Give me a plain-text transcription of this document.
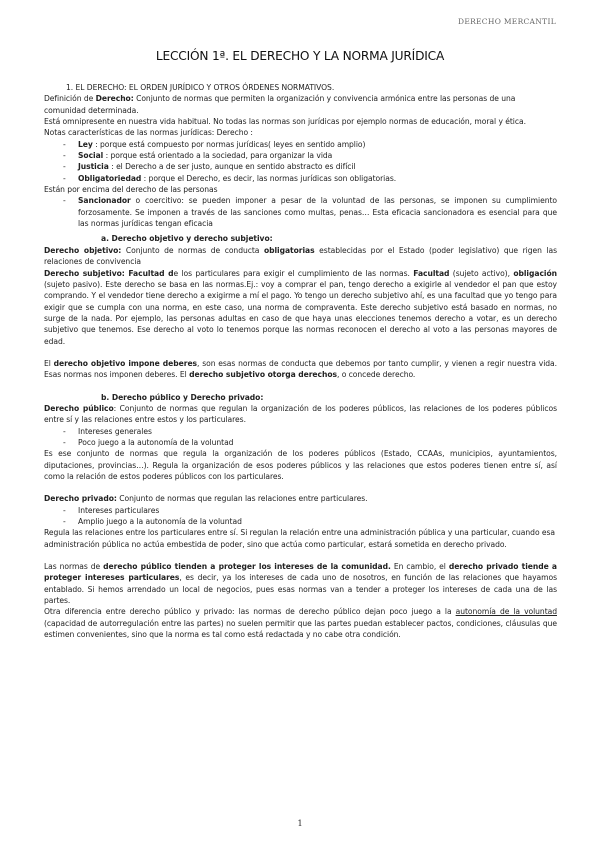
DERECHO MERCANTIL
LECCIÓN 1ª. EL DERECHO Y LA NORMA JURÍDICA
1. EL DERECHO: EL ORDEN JURÍDICO Y OTROS ÓRDENES NORMATIVOS.

Definición de Derecho: Conjunto de normas que permiten la organización y convivencia armónica entre las personas de una comunidad determinada.

Está omnipresente en nuestra vida habitual. No todas las normas son jurídicas por ejemplo normas de educación, moral y ética.

Notas características de las normas jurídicas: Derecho :

- Ley : porque está compuesto por normas jurídicas( leyes en sentido amplio)
- Social : porque está orientado a la sociedad, para organizar la vida
- Justicia : el Derecho a de ser justo, aunque en sentido abstracto es difícil
- Obligatoriedad : porque el Derecho, es decir, las normas jurídicas son obligatorias.

Están por encima del derecho de las personas

- Sancionador o coercitivo: se pueden imponer a pesar de la voluntad de las personas, se imponen su cumplimiento forzosamente. Se imponen a través de las sanciones como multas, penas… Esta eficacia sancionadora es esencial para que las normas jurídicas tengan eficacia

a. Derecho objetivo y derecho subjetivo:

Derecho objetivo: Conjunto de normas de conducta obligatorias establecidas por el Estado (poder legislativo) que rigen las relaciones de convivencia

Derecho subjetivo: Facultad de los particulares para exigir el cumplimiento de las normas. Facultad (sujeto activo), obligación (sujeto pasivo). Este derecho se basa en las normas.Ej.: voy a comprar el pan, tengo derecho a exigirle al vendedor el pan que estoy comprando. Y el vendedor tiene derecho a exigirme a mí el pago. Yo tengo un derecho subjetivo ahí, es una facultad que yo tengo para exigir que se cumpla con una norma, en este caso, una norma de compraventa. Este derecho subjetivo está basado en normas, no surge de la nada. Por ejemplo, las personas adultas en caso de que haya unas elecciones tenemos derecho a votar, es un derecho subjetivo que tenemos. Ese derecho al voto lo tenemos porque las normas reconocen el derecho al voto a las personas mayores de edad.

El derecho objetivo impone deberes, son esas normas de conducta que debemos por tanto cumplir, y vienen a regir nuestra vida. Esas normas nos imponen deberes. El derecho subjetivo otorga derechos, o concede derecho.

b. Derecho público y Derecho privado:

Derecho público: Conjunto de normas que regulan la organización de los poderes públicos, las relaciones de los poderes públicos entre sí y las relaciones entre estos y los particulares.

- Intereses generales
- Poco juego a la autonomía de la voluntad

Es ese conjunto de normas que regula la organización de los poderes públicos (Estado, CCAAs, municipios, ayuntamientos, diputaciones, provincias…). Regula la organización de esos poderes públicos y las relaciones que estos poderes tienen entre sí, así como la relación de estos poderes públicos con los particulares.

Derecho privado: Conjunto de normas que regulan las relaciones entre particulares.

- Intereses particulares
- Amplio juego a la autonomía de la voluntad

Regula las relaciones entre los particulares entre sí. Si regulan la relación entre una administración pública y una particular, cuando esa administración pública no actúa embestida de poder, sino que actúa como particular, estará sometida en derecho privado.

Las normas de derecho público tienden a proteger los intereses de la comunidad. En cambio, el derecho privado tiende a proteger intereses particulares, es decir, ya los intereses de cada uno de nosotros, en función de las relaciones que hayamos entablado. Si hemos arrendado un local de negocios, pues esas normas van a tender a proteger los intereses de cada una de las partes.

Otra diferencia entre derecho público y privado: las normas de derecho público dejan poco juego a la autonomía de la voluntad (capacidad de autorregulación entre las partes) no suelen permitir que las partes puedan establecer pactos, condiciones, cláusulas que estimen convenientes, sino que la norma es tal como está redactada y no cabe otra condición.

1
